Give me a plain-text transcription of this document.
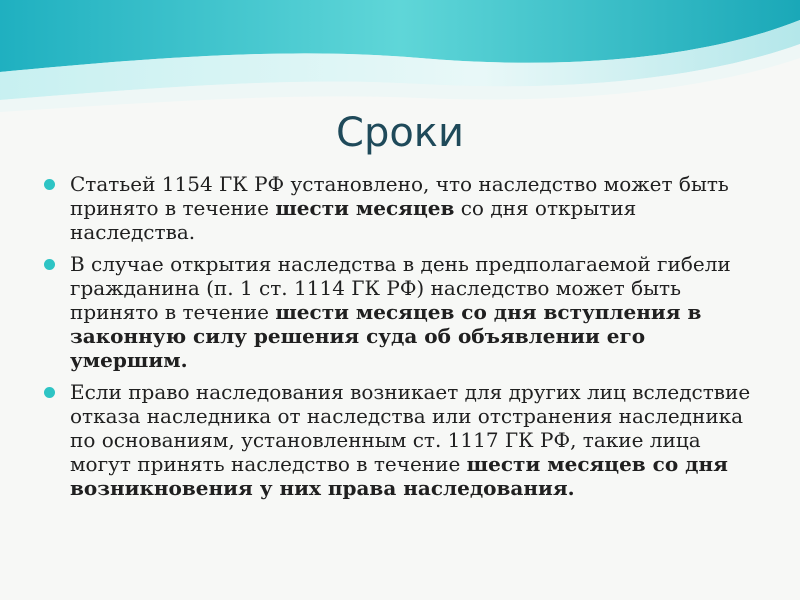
Сроки
Статьей 1154 ГК РФ установлено, что наследство может быть принято в течение шести месяцев со дня открытия наследства.
В случае открытия наследства в день предполагаемой гибели гражданина (п. 1 ст. 1114 ГК РФ) наследство может быть принято в течение шести месяцев со дня вступления в законную силу решения суда об объявлении его умершим.
Если право наследования возникает для других лиц вследствие отказа наследника от наследства или отстранения наследника по основаниям, установленным ст. 1117 ГК РФ, такие лица могут принять наследство в течение шести месяцев со дня возникновения у них права наследования.
